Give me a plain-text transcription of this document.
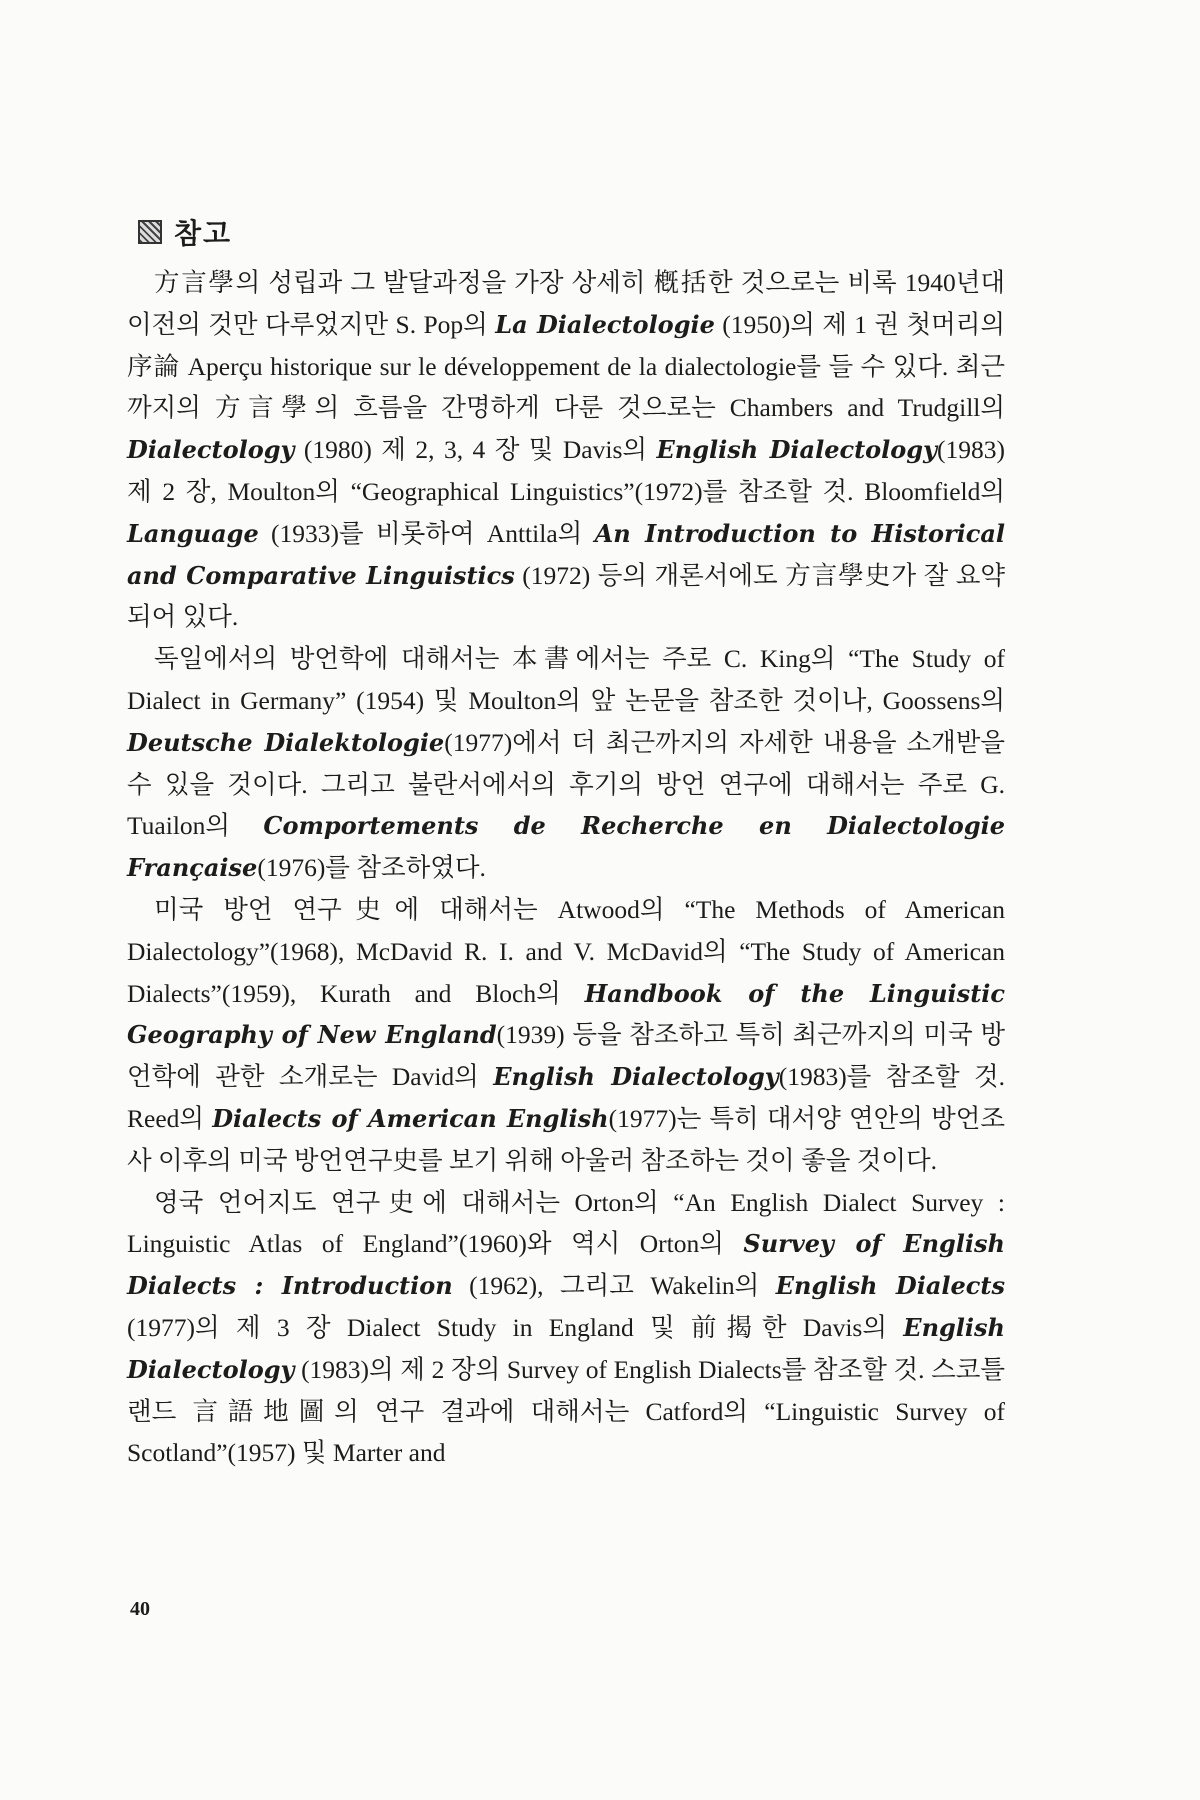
참고

方言學의 성립과 그 발달과정을 가장 상세히 槪括한 것으로는 비록 1940년대 이전의 것만 다루었지만 S. Pop의 La Dialectologie (1950)의 제 1 권 첫머리의 序論 Aperçu historique sur le développement de la dialectologie를 들 수 있다. 최근까지의 方言學의 흐름을 간명하게 다룬 것으로는 Chambers and Trudgill의 Dialectology (1980) 제 2, 3, 4 장 및 Davis의 English Dialectology(1983) 제 2 장, Moulton의 “Geographical Linguistics”(1972)를 참조할 것. Bloomfield의 Language (1933)를 비롯하여 Anttila의 An Introduction to Historical and Comparative Linguistics (1972) 등의 개론서에도 方言學史가 잘 요약되어 있다.

독일에서의 방언학에 대해서는 本書에서는 주로 C. King의 “The Study of Dialect in Germany” (1954) 및 Moulton의 앞 논문을 참조한 것이나, Goossens의 Deutsche Dialektologie(1977)에서 더 최근까지의 자세한 내용을 소개받을 수 있을 것이다. 그리고 불란서에서의 후기의 방언 연구에 대해서는 주로 G. Tuailon의 Comportements de Recherche en Dialectologie Française(1976)를 참조하였다.

미국 방언 연구史에 대해서는 Atwood의 “The Methods of American Dialectology”(1968), McDavid R. I. and V. McDavid의 “The Study of American Dialects”(1959), Kurath and Bloch의 Handbook of the Linguistic Geography of New England(1939) 등을 참조하고 특히 최근까지의 미국 방언학에 관한 소개로는 David의 English Dialectology(1983)를 참조할 것. Reed의 Dialects of American English(1977)는 특히 대서양 연안의 방언조사 이후의 미국 방언연구史를 보기 위해 아울러 참조하는 것이 좋을 것이다.

영국 언어지도 연구史에 대해서는 Orton의 “An English Dialect Survey : Linguistic Atlas of England”(1960)와 역시 Orton의 Survey of English Dialects : Introduction (1962), 그리고 Wakelin의 English Dialects (1977)의 제 3 장 Dialect Study in England 및 前揭한 Davis의 English Dialectology (1983)의 제 2 장의 Survey of English Dialects를 참조할 것. 스코틀랜드 言語地圖의 연구 결과에 대해서는 Catford의 “Linguistic Survey of Scotland”(1957) 및 Marter and

40
